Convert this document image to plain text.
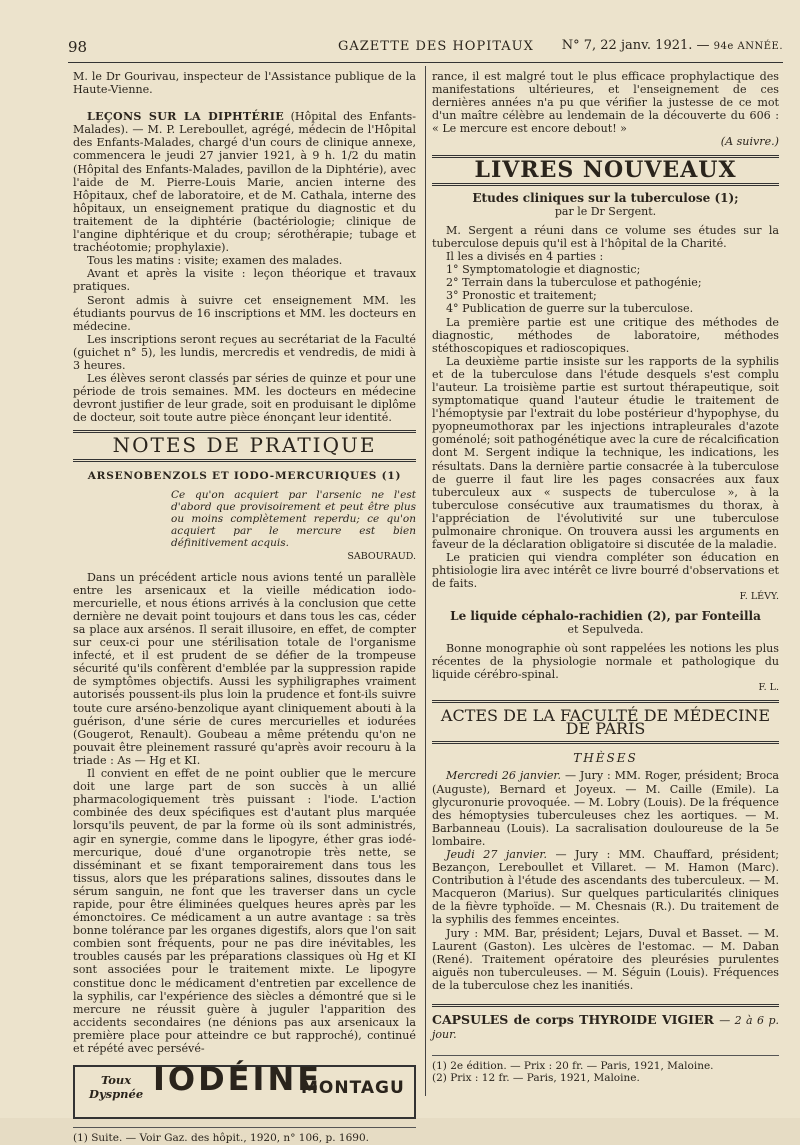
98	GAZETTE DES HOPITAUX N° 7, 22 janv. 1921. — 94e ANNÉE.

M. le Dr Gourivau, inspecteur de l'Assistance publique de la Haute-Vienne.

LEÇONS SUR LA DIPHTÉRIE (Hôpital des Enfants-Malades). — M. P. Lereboullet, agrégé, médecin de l'Hôpital des Enfants-Malades, chargé d'un cours de clinique annexe, commencera le jeudi 27 janvier 1921, à 9 h. 1/2 du matin (Hôpital des Enfants-Malades, pavillon de la Diphtérie), avec l'aide de M. Pierre-Louis Marie, ancien interne des Hôpitaux, chef de laboratoire, et de M. Cathala, interne des hôpitaux, un enseignement pratique du diagnostic et du traitement de la diphtérie (bactériologie; clinique de l'angine diphtérique et du croup; sérothérapie; tubage et trachéotomie; prophylaxie).

Tous les matins : visite; examen des malades.

Avant et après la visite : leçon théorique et travaux pratiques.

Seront admis à suivre cet enseignement MM. les étudiants pourvus de 16 inscriptions et MM. les docteurs en médecine.

Les inscriptions seront reçues au secrétariat de la Faculté (guichet n° 5), les lundis, mercredis et vendredis, de midi à 3 heures.

Les élèves seront classés par séries de quinze et pour une période de trois semaines. MM. les docteurs en médecine devront justifier de leur grade, soit en produisant le diplôme de docteur, soit toute autre pièce énonçant leur identité.

NOTES DE PRATIQUE
ARSENOBENZOLS ET IODO-MERCURIQUES (1)
Ce qu'on acquiert par l'arsenic ne l'est d'abord que provisoirement et peut être plus ou moins complètement reperdu; ce qu'on acquiert par le mercure est bien définitivement acquis.
SABOURAUD.

Dans un précédent article nous avions tenté un parallèle entre les arsenicaux et la vieille médication iodo-mercurielle, et nous étions arrivés à la conclusion que cette dernière ne devait point toujours et dans tous les cas, céder sa place aux arsénos. Il serait illusoire, en effet, de compter sur ceux-ci pour une stérilisation totale de l'organisme infecté, et il est prudent de se défier de la trompeuse sécurité qu'ils confèrent d'emblée par la suppression rapide de symptômes objectifs. Aussi les syphiligraphes vraiment autorisés poussent-ils plus loin la prudence et font-ils suivre toute cure arséno-benzolique ayant cliniquement abouti à la guérison, d'une série de cures mercurielles et iodurées (Gougerot, Renault). Goubeau a même prétendu qu'on ne pouvait être pleinement rassuré qu'après avoir recouru à la triade : As — Hg et KI.

Il convient en effet de ne point oublier que le mercure doit une large part de son succès à un allié pharmacologiquement très puissant : l'iode. L'action combinée des deux spécifiques est d'autant plus marquée lorsqu'ils peuvent, de par la forme où ils sont administrés, agir en synergie, comme dans le lipogyre, éther gras iodé-mercurique, doué d'une organotropie très nette, se disséminant et se fixant temporairement dans tous les tissus, alors que les préparations salines, dissoutes dans le sérum sanguin, ne font que les traverser dans un cycle rapide, pour être éliminées quelques heures après par les émonctoires. Ce médicament a un autre avantage : sa très bonne tolérance par les organes digestifs, alors que l'on sait combien sont fréquents, pour ne pas dire inévitables, les troubles causés par les préparations classiques où Hg et KI sont associées pour le traitement mixte. Le lipogyre constitue donc le médicament d'entretien par excellence de la syphilis, car l'expérience des siècles a démontré que si le mercure ne réussit guère à juguler l'apparition des accidents secondaires (ne dénions pas aux arsenicaux la première place pour atteindre ce but rapproché), continué et répété avec persévé-

Toux
Dyspnée IODÉINE
MONTAGU

(1) Suite. — Voir Gaz. des hôpit., 1920, n° 106, p. 1690.

rance, il est malgré tout le plus efficace prophylactique des manifestations ultérieures, et l'enseignement de ces dernières années n'a pu que vérifier la justesse de ce mot d'un maître célèbre au lendemain de la découverte du 606 : « Le mercure est encore debout! »

(A suivre.)

LIVRES NOUVEAUX
Etudes cliniques sur la tuberculose (1);
par le Dr Sergent.

M. Sergent a réuni dans ce volume ses études sur la tuberculose depuis qu'il est à l'hôpital de la Charité.

Il les a divisés en 4 parties :

1° Symptomatologie et diagnostic;

2° Terrain dans la tuberculose et pathogénie;

3° Pronostic et traitement;

4° Publication de guerre sur la tuberculose.

La première partie est une critique des méthodes de diagnostic, méthodes de laboratoire, méthodes stéthoscopiques et radioscopiques.

La deuxième partie insiste sur les rapports de la syphilis et de la tuberculose dans l'étude desquels s'est complu l'auteur. La troisième partie est surtout thérapeutique, soit symptomatique quand l'auteur étudie le traitement de l'hémoptysie par l'extrait du lobe postérieur d'hypophyse, du pyopneumothorax par les injections intrapleurales d'azote goménolé; soit pathogénétique avec la cure de récalcification dont M. Sergent indique la technique, les indications, les résultats. Dans la dernière partie consacrée à la tuberculose de guerre il faut lire les pages consacrées aux faux tuberculeux aux « suspects de tuberculose », à la tuberculose consécutive aux traumatismes du thorax, à l'appréciation de l'évolutivité sur une tuberculose pulmonaire chronique. On trouvera aussi les arguments en faveur de la déclaration obligatoire si discutée de la maladie.

Le praticien qui viendra compléter son éducation en phtisiologie lira avec intérêt ce livre bourré d'observations et de faits.

F. LÉVY.
Le liquide céphalo-rachidien (2), par Fonteilla
et Sepulveda.

Bonne monographie où sont rappelées les notions les plus récentes de la physiologie normale et pathologique du liquide cérébro-spinal.

F. L.
ACTES DE LA FACULTÉ DE MÉDECINE DE PARIS
THÈSES

Mercredi 26 janvier. — Jury : MM. Roger, président; Broca (Auguste), Bernard et Joyeux. — M. Caille (Emile). La glycuronurie provoquée. — M. Lobry (Louis). De la fréquence des hémoptysies tuberculeuses chez les aortiques. — M. Barbanneau (Louis). La sacralisation douloureuse de la 5e lombaire.

Jeudi 27 janvier. — Jury : MM. Chauffard, président; Bezançon, Lereboullet et Villaret. — M. Hamon (Marc). Contribution à l'étude des ascendants des tuberculeux. — M. Macqueron (Marius). Sur quelques particularités cliniques de la fièvre typhoïde. — M. Chesnais (R.). Du traitement de la syphilis des femmes enceintes.

Jury : MM. Bar, président; Lejars, Duval et Basset. — M. Laurent (Gaston). Les ulcères de l'estomac. — M. Daban (René). Traitement opératoire des pleurésies purulentes aiguës non tuberculeuses. — M. Séguin (Louis). Fréquences de la tuberculose chez les inanitiés.

CAPSULES de corps THYROIDE VIGIER — 2 à 6 p. jour.

(1) 2e édition. — Prix : 20 fr. — Paris, 1921, Maloine.

(2) Prix : 12 fr. — Paris, 1921, Maloine.
